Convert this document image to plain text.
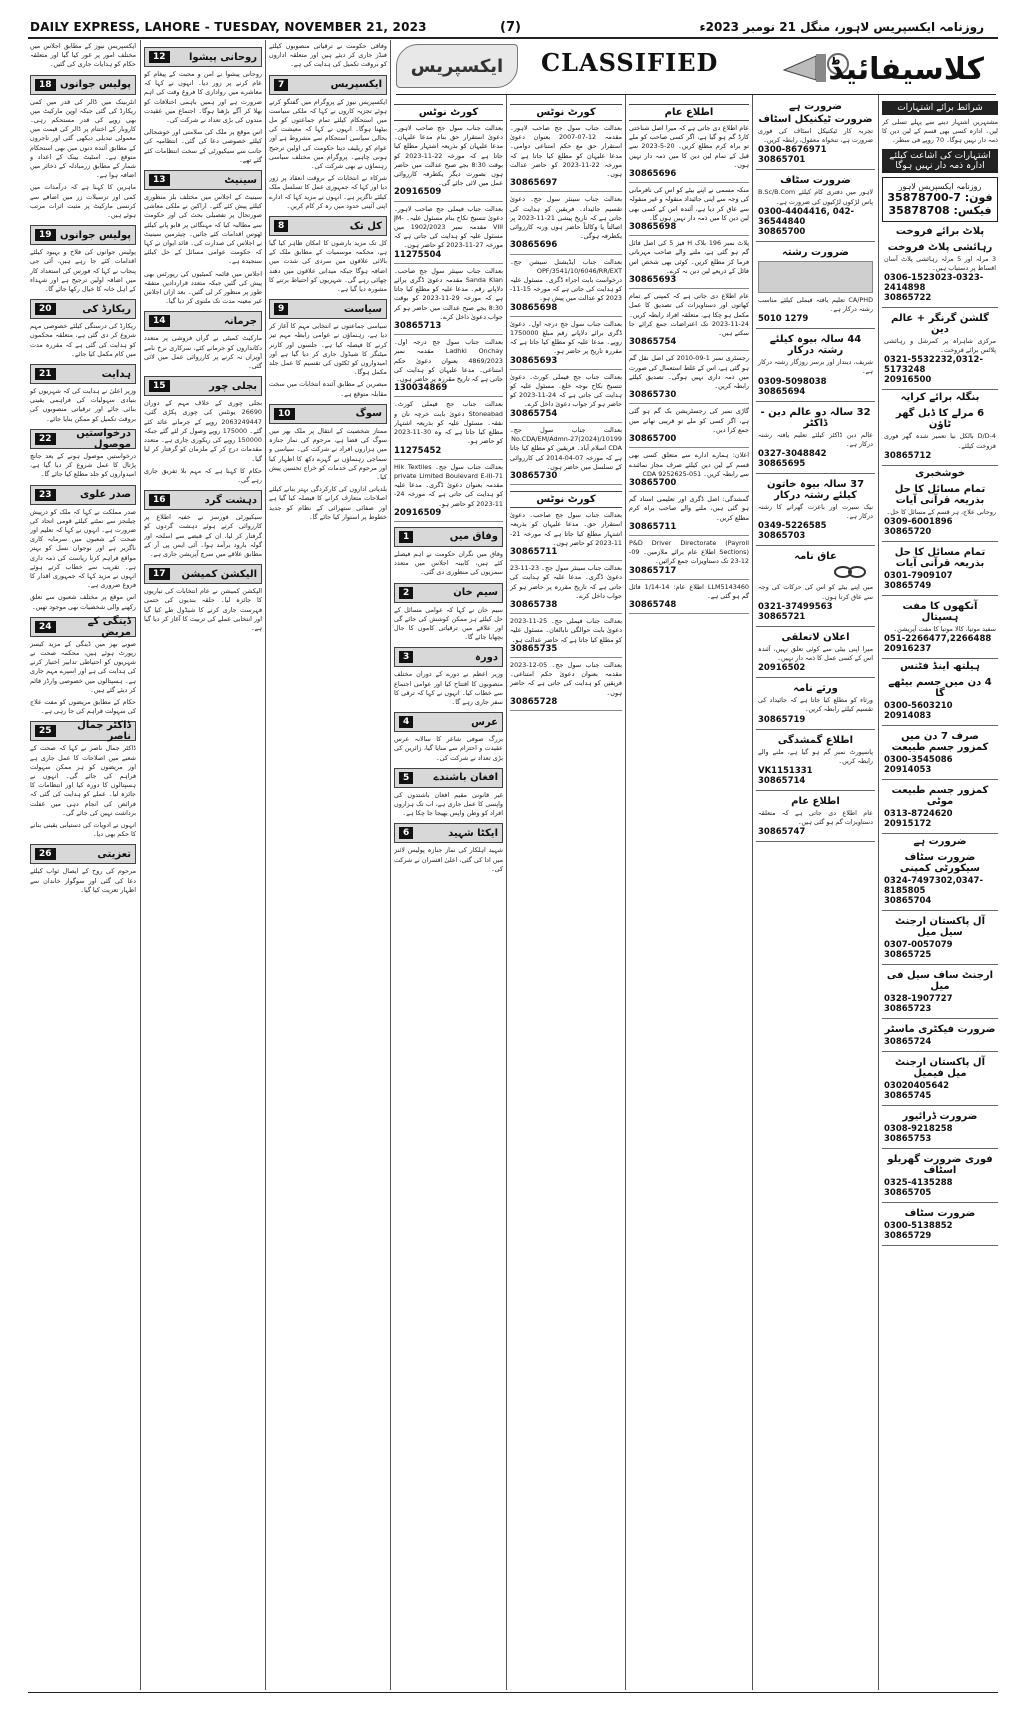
DAILY EXPRESS, LAHORE - TUESDAY, NOVEMBER 21, 2023	(7)	روزنامہ ایکسپریس لاہور، منگل 21 نومبر 2023ء
ایکسپریس	CLASSIFIED	کلاسیفائیڈ

ایکسپریس نیوز کے مطابق اجلاس میں مختلف امور پر غور کیا گیا اور متعلقہ حکام کو ہدایات جاری کی گئیں۔

پولیس جوانوں
18

انٹربینک میں ڈالر کی قدر میں کمی ریکارڈ کی گئی جبکہ اوپن مارکیٹ میں بھی روپے کی قدر مستحکم رہی۔ کاروبار کے اختتام پر ڈالر کی قیمت میں معمولی تبدیلی دیکھی گئی اور تاجروں کے مطابق آئندہ دنوں میں بھی استحکام متوقع ہے۔ اسٹیٹ بینک کے اعداد و شمار کے مطابق زرمبادلہ کے ذخائر میں اضافہ ہوا ہے۔

ماہرین کا کہنا ہے کہ درآمدات میں کمی اور ترسیلات زر میں اضافے سے کرنسی مارکیٹ پر مثبت اثرات مرتب ہوئے ہیں۔

پولیس جوانوں
19

پولیس جوانوں کی فلاح و بہبود کیلئے اقدامات کئے جا رہے ہیں، آئی جی پنجاب نے کہا کہ فورس کی استعداد کار میں اضافہ اولین ترجیح ہے اور شہداء کے اہل خانہ کا خیال رکھا جائے گا۔

ریکارڈ کی
20

ریکارڈ کی درستگی کیلئے خصوصی مہم شروع کر دی گئی ہے، متعلقہ محکموں کو ہدایت کی گئی ہے کہ مقررہ مدت میں کام مکمل کیا جائے۔

ہدایت
21

وزیر اعلیٰ نے ہدایت کی کہ شہریوں کو بنیادی سہولیات کی فراہمی یقینی بنائی جائے اور ترقیاتی منصوبوں کی بروقت تکمیل کو ممکن بنایا جائے۔

درخواستیں موصول
22

درخواستیں موصول ہونے کے بعد جانچ پڑتال کا عمل شروع کر دیا گیا ہے، امیدواروں کو جلد مطلع کیا جائے گا۔

صدر علوی
23

صدر مملکت نے کہا کہ ملک کو درپیش چیلنجز سے نمٹنے کیلئے قومی اتحاد کی ضرورت ہے۔ انہوں نے کہا کہ تعلیم اور صحت کے شعبوں میں سرمایہ کاری ناگزیر ہے اور نوجوان نسل کو بہتر مواقع فراہم کرنا ریاست کی ذمہ داری ہے۔ تقریب سے خطاب کرتے ہوئے انہوں نے مزید کہا کہ جمہوری اقدار کا فروغ ضروری ہے۔

اس موقع پر مختلف شعبوں سے تعلق رکھنے والی شخصیات بھی موجود تھیں۔

ڈینگی کے مریض
24

صوبے بھر میں ڈینگی کے مزید کیسز رپورٹ ہوئے ہیں، محکمہ صحت نے شہریوں کو احتیاطی تدابیر اختیار کرنے کی ہدایت کی ہے اور اسپرے مہم جاری ہے۔ ہسپتالوں میں خصوصی وارڈز قائم کر دیئے گئے ہیں۔

حکام کے مطابق مریضوں کو مفت علاج کی سہولت فراہم کی جا رہی ہے۔

ڈاکٹر جمال ناصر
25

ڈاکٹر جمال ناصر نے کہا کہ صحت کے شعبے میں اصلاحات کا عمل جاری ہے اور مریضوں کو ہر ممکن سہولت فراہم کی جائے گی۔ انہوں نے ہسپتالوں کا دورہ کیا اور انتظامات کا جائزہ لیا۔ عملے کو ہدایت کی گئی کہ فرائض کی انجام دہی میں غفلت برداشت نہیں کی جائے گی۔

انہوں نے ادویات کی دستیابی یقینی بنانے کا حکم بھی دیا۔

تعزیتی
26

مرحوم کی روح کے ایصال ثواب کیلئے دعا کی گئی اور سوگوار خاندان سے اظہار تعزیت کیا گیا۔

روحانی پیشوا
12

روحانی پیشوا نے امن و محبت کے پیغام کو عام کرنے پر زور دیا۔ انہوں نے کہا کہ معاشرے میں رواداری کا فروغ وقت کی اہم ضرورت ہے اور ہمیں باہمی اختلافات کو بھلا کر آگے بڑھنا ہوگا۔ اجتماع میں عقیدت مندوں کی بڑی تعداد نے شرکت کی۔

اس موقع پر ملک کی سلامتی اور خوشحالی کیلئے خصوصی دعا کی گئی۔ انتظامیہ کی جانب سے سیکیورٹی کے سخت انتظامات کئے گئے تھے۔

سینیٹ
13

سینیٹ کے اجلاس میں مختلف بلز منظوری کیلئے پیش کئے گئے۔ اراکین نے ملکی معاشی صورتحال پر تفصیلی بحث کی اور حکومت سے مطالبہ کیا کہ مہنگائی پر قابو پانے کیلئے ٹھوس اقدامات کئے جائیں۔ چیئرمین سینیٹ نے اجلاس کی صدارت کی۔ قائد ایوان نے کہا کہ حکومت عوامی مسائل کے حل کیلئے سنجیدہ ہے۔

اجلاس میں قائمہ کمیٹیوں کی رپورٹس بھی پیش کی گئیں جبکہ متعدد قراردادیں متفقہ طور پر منظور کر لی گئیں۔ بعد ازاں اجلاس غیر معینہ مدت تک ملتوی کر دیا گیا۔

جرمانہ
14

مارکیٹ کمیٹی نے گراں فروشی پر متعدد دکانداروں کو جرمانے کئے، سرکاری نرخ نامے آویزاں نہ کرنے پر کارروائی عمل میں لائی گئی۔

بجلی چور
15

بجلی چوری کے خلاف مہم کے دوران 26690 یونٹس کی چوری پکڑی گئی، 2063249447 روپے کے جرمانے عائد کئے گئے۔ 175000 روپے وصول کر لئے گئے جبکہ 150000 روپے کی ریکوری جاری ہے۔ متعدد مقدمات درج کر کے ملزمان کو گرفتار کر لیا گیا۔

حکام کا کہنا ہے کہ مہم بلا تفریق جاری رہے گی۔

دہشت گرد
16

سیکیورٹی فورسز نے خفیہ اطلاع پر کارروائی کرتے ہوئے دہشت گردوں کو گرفتار کر لیا، ان کے قبضے سے اسلحہ اور گولہ بارود برآمد ہوا۔ آئی ایس پی آر کے مطابق علاقے میں سرچ آپریشن جاری ہے۔

الیکشن کمیشن
17

الیکشن کمیشن نے عام انتخابات کی تیاریوں کا جائزہ لیا۔ حلقہ بندیوں کی حتمی فہرست جاری کرنے کا شیڈول طے کیا گیا اور انتخابی عملے کی تربیت کا آغاز کر دیا گیا ہے۔

وفاقی حکومت نے ترقیاتی منصوبوں کیلئے فنڈز جاری کر دیئے ہیں اور متعلقہ اداروں کو بروقت تکمیل کی ہدایت کی ہے۔

ایکسپریس
7

ایکسپریس نیوز کے پروگرام میں گفتگو کرتے ہوئے تجزیہ کاروں نے کہا کہ ملکی سیاست میں استحکام کیلئے تمام جماعتوں کو مل بیٹھنا ہوگا۔ انہوں نے کہا کہ معیشت کی بحالی سیاسی استحکام سے مشروط ہے اور عوام کو ریلیف دینا حکومت کی اولین ترجیح ہونی چاہیے۔ پروگرام میں مختلف سیاسی رہنماؤں نے بھی شرکت کی۔

شرکاء نے انتخابات کے بروقت انعقاد پر زور دیا اور کہا کہ جمہوری عمل کا تسلسل ملک کیلئے ناگزیر ہے۔ انہوں نے مزید کہا کہ ادارے اپنی آئینی حدود میں رہ کر کام کریں۔

کل تک
8

کل تک مزید بارشوں کا امکان ظاہر کیا گیا ہے، محکمہ موسمیات کے مطابق ملک کے بالائی علاقوں میں سردی کی شدت میں اضافہ ہوگا جبکہ میدانی علاقوں میں دھند چھائی رہے گی۔ شہریوں کو احتیاط برتنے کا مشورہ دیا گیا ہے۔

سیاست
9

سیاسی جماعتوں نے انتخابی مہم کا آغاز کر دیا ہے، رہنماؤں نے عوامی رابطہ مہم تیز کرنے کا فیصلہ کیا ہے۔ جلسوں اور کارنر میٹنگز کا شیڈول جاری کر دیا گیا ہے اور امیدواروں کو ٹکٹوں کی تقسیم کا عمل جلد مکمل ہوگا۔

مبصرین کے مطابق آئندہ انتخابات میں سخت مقابلہ متوقع ہے۔

سوگ
10

ممتاز شخصیت کے انتقال پر ملک بھر میں سوگ کی فضا ہے، مرحوم کی نماز جنازہ میں ہزاروں افراد نے شرکت کی۔ سیاسی و سماجی رہنماؤں نے گہرے دکھ کا اظہار کیا اور مرحوم کی خدمات کو خراج تحسین پیش کیا۔

بلدیاتی اداروں کی کارکردگی بہتر بنانے کیلئے اصلاحات متعارف کرانے کا فیصلہ کیا گیا ہے اور صفائی ستھرائی کے نظام کو جدید خطوط پر استوار کیا جائے گا۔

کورٹ نوٹس
بعدالت جناب سول جج صاحب لاہور۔ دعویٰ استقرار حق بنام مدعا علیہان۔ مدعا علیہان کو بذریعہ اشتہار مطلع کیا جاتا ہے کہ مورخہ 22-11-2023 کو بوقت 8:30 بجے صبح عدالت میں حاضر ہوں بصورت دیگر یکطرفہ کارروائی عمل میں لائی جائے گی۔
20916509
بعدالت جناب فیملی جج صاحب لاہور۔ دعویٰ تنسیخ نکاح بنام مسئول علیہ۔ JM-VIII مقدمہ نمبر 1902/2023 میں مسئول علیہ کو ہدایت کی جاتی ہے کہ مورخہ 27-11-2023 کو حاضر ہوں۔
11275504
بعدالت جناب سینئر سول جج صاحب۔ Sanda Klan مقدمہ دعویٰ ڈگری برائے دلاپانے رقم۔ مدعا علیہ کو مطلع کیا جاتا ہے کہ مورخہ 29-11-2023 کو بوقت 8:30 بجے صبح عدالت میں حاضر ہو کر جواب دعویٰ داخل کرے۔
30865713
بعدالت جناب سول جج درجہ اول۔ Ladhki Onchay مقدمہ نمبر 4869/2023 بعنوان دعویٰ حکم امتناعی۔ مدعا علیہان کو ہدایت کی جاتی ہے کہ تاریخ مقررہ پر حاضر ہوں۔
130034869
بعدالت جناب جج فیملی کورٹ۔ Stoneabad دعویٰ بابت خرچہ نان و نفقہ۔ مسئول علیہ کو بذریعہ اشتہار مطلع کیا جاتا ہے کہ وہ 30-11-2023 کو حاضر ہو۔
11275452
بعدالت جناب سول جج۔ Hik Textiles private Limited Boulevard E-III-71 مقدمہ بعنوان دعویٰ ڈگری۔ مدعا علیہ کو ہدایت کی جاتی ہے کہ مورخہ 24-11-2023 کو حاضر ہو۔
20916509
وفاق میں
1

وفاق میں نگران حکومت نے اہم فیصلے کئے ہیں، کابینہ اجلاس میں متعدد سمریوں کی منظوری دی گئی۔

سیم خان
2

سیم خان نے کہا کہ عوامی مسائل کے حل کیلئے ہر ممکن کوشش کی جائے گی اور علاقے میں ترقیاتی کاموں کا جال بچھایا جائے گا۔

دورہ
3

وزیر اعظم نے دورے کے دوران مختلف منصوبوں کا افتتاح کیا اور عوامی اجتماع سے خطاب کیا۔ انہوں نے کہا کہ ترقی کا سفر جاری رہے گا۔

عرس
4

بزرگ صوفی شاعر کا سالانہ عرس عقیدت و احترام سے منایا گیا، زائرین کی بڑی تعداد نے شرکت کی۔

افغان باشندے
5

غیر قانونی مقیم افغان باشندوں کی واپسی کا عمل جاری ہے، اب تک ہزاروں افراد کو وطن واپس بھیجا جا چکا ہے۔

ایکٹا شہید
6

شہید اہلکار کی نماز جنازہ پولیس لائنز میں ادا کی گئی، اعلیٰ افسران نے شرکت کی۔

کورٹ نوٹس
بعدالت جناب سول جج صاحب لاہور۔ مقدمہ 12-07-2007 بعنوان دعویٰ استقرار حق مع حکم امتناعی دوامی۔ مدعا علیہان کو مطلع کیا جاتا ہے کہ مورخہ 22-11-2023 کو حاضر عدالت ہوں۔
30865697
بعدالت جناب سینئر سول جج۔ دعویٰ تقسیم جائیداد۔ فریقین کو ہدایت کی جاتی ہے کہ تاریخ پیشی 21-11-2023 پر اصالتاً یا وکالتاً حاضر ہوں ورنہ کارروائی یکطرفہ ہوگی۔
30865696
بعدالت جناب ایڈیشنل سیشن جج۔ OPF/3541/10/6046/RR/EXT درخواست بابت اجراء ڈگری۔ مسئول علیہ کو ہدایت کی جاتی ہے کہ مورخہ 15-11-2023 کو عدالت میں پیش ہو۔
30865698
بعدالت جناب سول جج درجہ اول۔ دعویٰ ڈگری برائے دلاپانے رقم مبلغ 1750000 روپے۔ مدعا علیہ کو مطلع کیا جاتا ہے کہ مقررہ تاریخ پر حاضر ہو۔
30865693
بعدالت جناب جج فیملی کورٹ۔ دعویٰ تنسیخ نکاح بوجہ خلع۔ مسئول علیہ کو ہدایت کی جاتی ہے کہ 24-11-2023 کو حاضر ہو کر جواب دعویٰ داخل کرے۔
30865754
بعدالت جناب سول جج۔ No.CDA/EM/Admn-27(2024)/10199 CDA اسلام آباد۔ فریقین کو مطلع کیا جاتا ہے کہ مورخہ 07-04-2014 کی کارروائی کے تسلسل میں حاضر ہوں۔
30865730
کورٹ نوٹس
بعدالت جناب سول جج صاحب۔ دعویٰ استقرار حق۔ مدعا علیہان کو بذریعہ اشتہار مطلع کیا جاتا ہے کہ مورخہ 21-11-2023 کو حاضر ہوں۔
30865711
بعدالت جناب سینئر سول جج۔ 23-11-23 دعویٰ ڈگری۔ مدعا علیہ کو ہدایت کی جاتی ہے کہ تاریخ مقررہ پر حاضر ہو کر جواب داخل کرے۔
30865738
بعدالت جناب فیملی جج۔ 25-11-2023 دعویٰ بابت حوالگی نابالغان۔ مسئول علیہ کو مطلع کیا جاتا ہے کہ حاضر عدالت ہو۔
30865735
بعدالت جناب سول جج۔ 05-12-2023 مقدمہ بعنوان دعویٰ حکم امتناعی۔ فریقین کو ہدایت کی جاتی ہے کہ حاضر ہوں۔
30865728
اطلاع عام
عام اطلاع دی جاتی ہے کہ میرا اصل شناختی کارڈ گم ہو گیا ہے، اگر کسی صاحب کو ملے تو براہ کرم مطلع کریں۔ 20-5-2023 سے قبل کے تمام لین دین کا میں ذمہ دار نہیں ہوں۔
30865696
منکہ مسمی نے اپنے بیٹے کو اس کی نافرمانی کی وجہ سے اپنی جائیداد منقولہ و غیر منقولہ سے عاق کر دیا ہے، آئندہ اس کے کسی بھی لین دین کا میں ذمہ دار نہیں ہوں گا۔
30865698
پلاٹ نمبر 196 بلاک H فیز 5 کی اصل فائل گم ہو گئی ہے، ملنے والے صاحب مہربانی فرما کر مطلع کریں۔ کوئی بھی شخص اس فائل کے ذریعے لین دین نہ کرے۔
30865693
عام اطلاع دی جاتی ہے کہ کمپنی کے تمام کھاتوں اور دستاویزات کی تصدیق کا عمل مکمل ہو چکا ہے، متعلقہ افراد رابطہ کریں۔ 24-11-2023 تک اعتراضات جمع کرائے جا سکتے ہیں۔
30865754
رجسٹری نمبر 1-09-2010 کی اصل نقل گم ہو گئی ہے، اس کے غلط استعمال کی صورت میں ذمہ داری نہیں ہوگی۔ تصدیق کیلئے رابطہ کریں۔
30865730
گاڑی نمبر کی رجسٹریشن بک گم ہو گئی ہے، اگر کسی کو ملے تو قریبی تھانے میں جمع کرا دیں۔
30865700
اعلان: ہمارے ادارے سے متعلق کسی بھی قسم کے لین دین کیلئے صرف مجاز نمائندے سے رابطہ کریں۔ 051-9252625 CDA
30865700
گمشدگی: اصل ڈگری اور تعلیمی اسناد گم ہو گئی ہیں، ملنے والے صاحب براہ کرم مطلع کریں۔
30865711
P&D Driver Directorate (Payroll Sections) اطلاع عام برائے ملازمین۔ 09-12-23 تک دستاویزات جمع کرائیں۔
30865717
LLM5143460 اطلاع عام: 14-1/14 فائل گم ہو گئی ہے۔
30865748
ضرورت ہے
ضرورت ٹیکنیکل اسٹاف
تجربہ کار ٹیکنیکل اسٹاف کی فوری ضرورت ہے، تنخواہ معقول، رابطہ کریں۔
0300-8676971
30865701
ضرورت سٹاف
لاہور میں دفتری کام کیلئے B.Sc/B.Com پاس لڑکوں لڑکیوں کی ضرورت ہے۔
0300-4404416, 042-36544840
30865700
ضرورت رشتہ
CA/PHD تعلیم یافتہ فیملی کیلئے مناسب رشتہ درکار ہے۔
5010 1279
44 سالہ بیوہ کیلئے رشتہ درکار
شریف، دیندار اور برسر روزگار رشتہ درکار ہے۔
0309-5098038
30865694
32 سالہ دو عالم دین - ڈاکٹر
عالم دین ڈاکٹر کیلئے تعلیم یافتہ رشتہ درکار ہے۔
0327-3048842
30865695
37 سالہ بیوہ خاتون کیلئے رشتہ درکار
نیک سیرت اور باعزت گھرانے کا رشتہ درکار ہے۔
0349-5226585
30865703
عاق نامہ
میں اپنے بیٹے کو اس کی حرکات کی وجہ سے عاق کرتا ہوں۔
0321-37499563
30865721
اعلان لاتعلقی
میرا اپنی بیٹی سے کوئی تعلق نہیں، آئندہ اس کے کسی عمل کا ذمہ دار نہیں۔
20916502
ورثے نامہ
ورثاء کو مطلع کیا جاتا ہے کہ جائیداد کی تقسیم کیلئے رابطہ کریں۔
30865719
اطلاع گمشدگی
پاسپورٹ نمبر گم ہو گیا ہے، ملنے والے رابطہ کریں۔
VK1151331
30865714
اطلاع عام
عام اطلاع دی جاتی ہے کہ متعلقہ دستاویزات گم ہو گئی ہیں۔
30865747
شرائط برائے اشتہارات
مشتہرین اشتہار دینے سے پہلے تسلی کر لیں۔ ادارہ کسی بھی قسم کے لین دین کا ذمہ دار نہیں ہوگا۔ 70 روپے فی سطر۔
اشتہارات کی اشاعت کیلئے ادارہ ذمہ دار نہیں ہوگا
روزنامہ ایکسپریس لاہور
فون: 35878700-7
فیکس: 35878708
پلاٹ برائے فروخت
رہائشی پلاٹ فروخت
3 مرلہ اور 5 مرلہ رہائشی پلاٹ آسان اقساط پر دستیاب ہیں۔
0306-1523023-0323-2414898
30865722
گلشن گرنگر + عالم دین
مرکزی شاہراہ پر کمرشل و رہائشی پلاٹس برائے فروخت۔
0321-5532232,0312-5173248
20916500
بنگلہ برائے کرایہ
6 مرلے کا ڈبل گھر ٹاؤن
4-D/D بالکل نیا تعمیر شدہ گھر فوری فروخت کیلئے۔
30865712
خوشخبری
تمام مسائل کا حل بذریعہ قرآنی آیات
روحانی علاج، ہر قسم کے مسائل کا حل۔
0309-6001896
30865720
تمام مسائل کا حل بذریعہ قرآنی آیات
0301-7909107
30865749
آنکھوں کا مفت ہسپتال
سفید موتیا، کالا موتیا کا مفت آپریشن۔
051-2266477,2266488
20916237
ہیلتھ اینڈ فٹنس
4 دن میں جسم بیٹھے گا
0300-5603210
20914083
صرف 7 دن میں کمزور جسم طبیعت
0300-3545086
20914053
کمزور جسم طبیعت موٹی
0313-8724620
20915172
ضرورت ہے
ضرورت سٹاف سیکورٹی کمپنی
0324-7497302,0347-8185805
30865704
آل پاکستان ارجنٹ سیل میل
0307-0057079
30865725
ارجنٹ ساف سیل فی میل
0328-1907727
30865723
ضرورت فیکٹری ماسٹر
30865724
آل پاکستان ارجنٹ میل فیمیل
03020405642
30865745
ضرورت ڈرائیور
0308-9218258
30865753
فوری ضرورت گھریلو اسٹاف
0325-4135288
30865705
ضرورت سٹاف
0300-5138852
30865729
